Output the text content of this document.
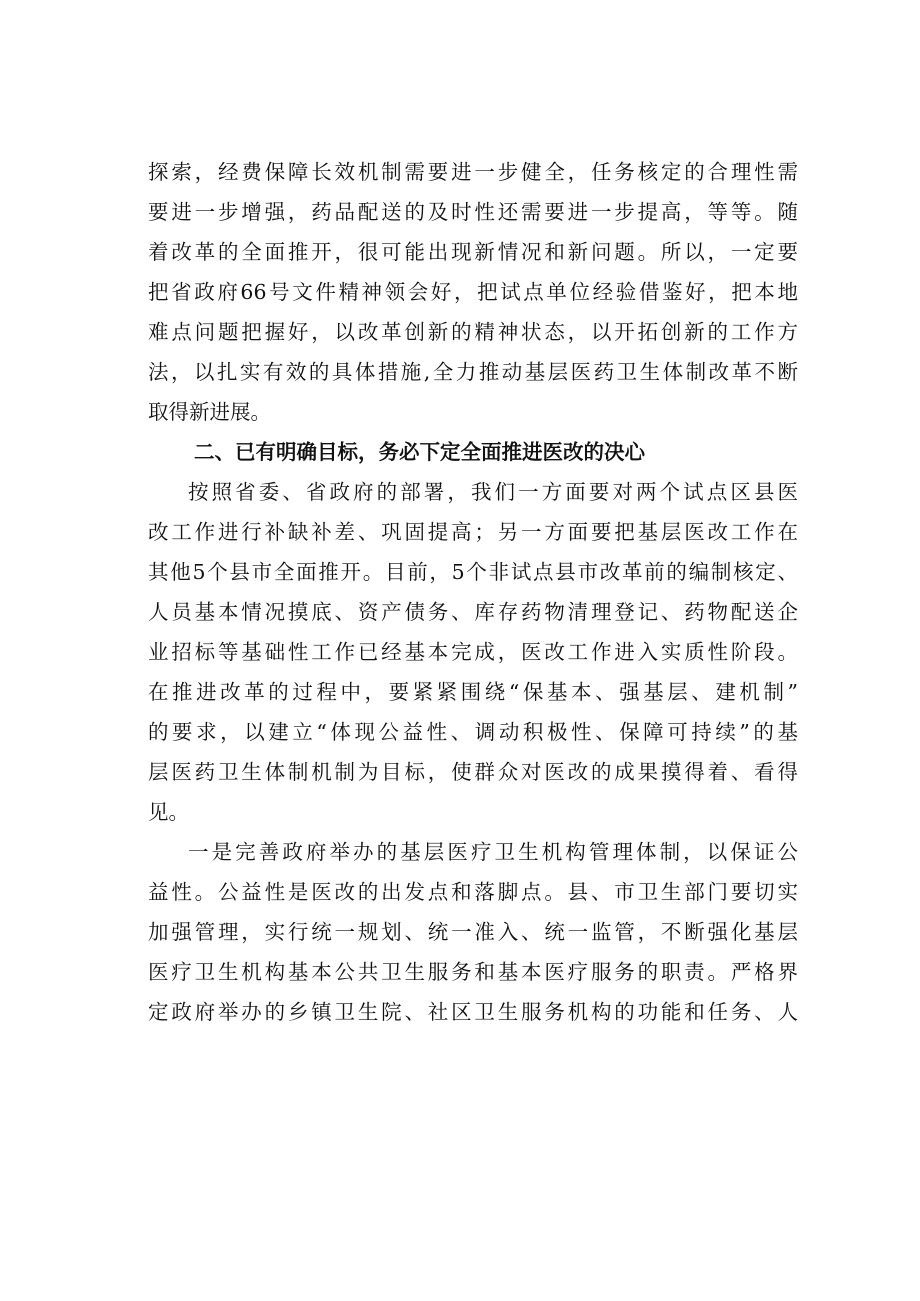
探索，经费保障长效机制需要进一步健全，任务核定的合理性需
要进一步增强，药品配送的及时性还需要进一步提高，等等。随
着改革的全面推开，很可能出现新情况和新问题。所以，一定要
把省政府66号文件精神领会好，把试点单位经验借鉴好，把本地
难点问题把握好，以改革创新的精神状态，以开拓创新的工作方
法，以扎实有效的具体措施,全力推动基层医药卫生体制改革不断
取得新进展。
二、已有明确目标，务必下定全面推进医改的决心
按照省委、省政府的部署，我们一方面要对两个试点区县医
改工作进行补缺补差、巩固提高；另一方面要把基层医改工作在
其他5个县市全面推开。目前，5个非试点县市改革前的编制核定、
人员基本情况摸底、资产债务、库存药物清理登记、药物配送企
业招标等基础性工作已经基本完成，医改工作进入实质性阶段。
在推进改革的过程中，要紧紧围绕“保基本、强基层、建机制”
的要求，以建立“体现公益性、调动积极性、保障可持续”的基
层医药卫生体制机制为目标，使群众对医改的成果摸得着、看得
见。
一是完善政府举办的基层医疗卫生机构管理体制，以保证公
益性。公益性是医改的出发点和落脚点。县、市卫生部门要切实
加强管理，实行统一规划、统一准入、统一监管，不断强化基层
医疗卫生机构基本公共卫生服务和基本医疗服务的职责。严格界
定政府举办的乡镇卫生院、社区卫生服务机构的功能和任务、人
